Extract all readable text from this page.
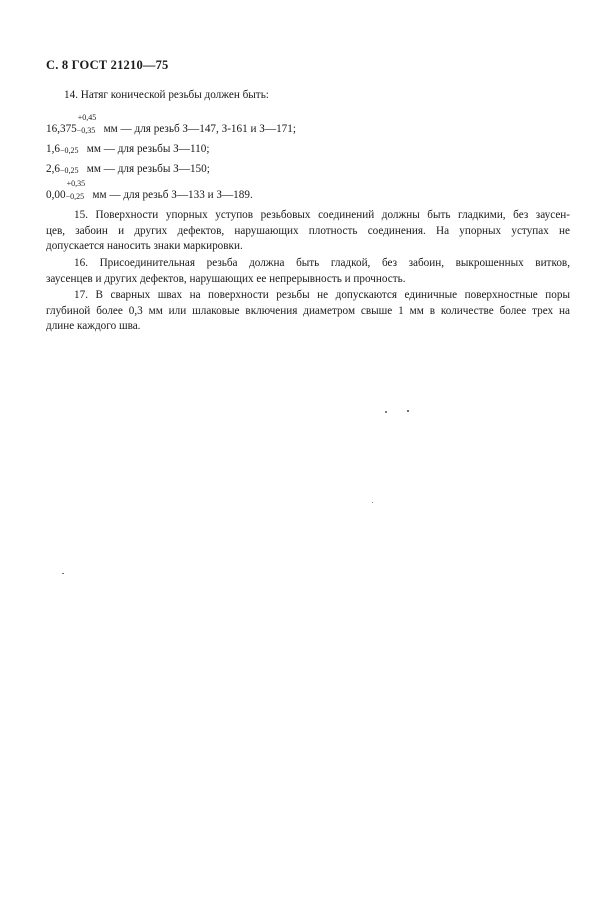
С. 8 ГОСТ 21210—75
14. Натяг конической резьбы должен быть:
16,375
+0,45
−0,35 мм — для резьб З—147, З-161 и З—171;
1,6 −0,25 мм — для резьбы З—110;
2,6 −0,25 мм — для резьбы З—150;
0,00
+0,35
−0,25 мм — для резьб З—133 и З—189.
15. Поверхности упорных уступов резьбовых соединений должны быть гладкими, без заусен-
цев, забоин и других дефектов, нарушающих плотность соединения. На упорных уступах не
допускается наносить знаки маркировки.
16. Присоединительная резьба должна быть гладкой, без забоин, выкрошенных витков,
заусенцев и других дефектов, нарушающих ее непрерывность и прочность.
17. В сварных швах на поверхности резьбы не допускаются единичные поверхностные поры
глубиной более 0,3 мм или шлаковые включения диаметром свыше 1 мм в количестве более трех на
длине каждого шва.
